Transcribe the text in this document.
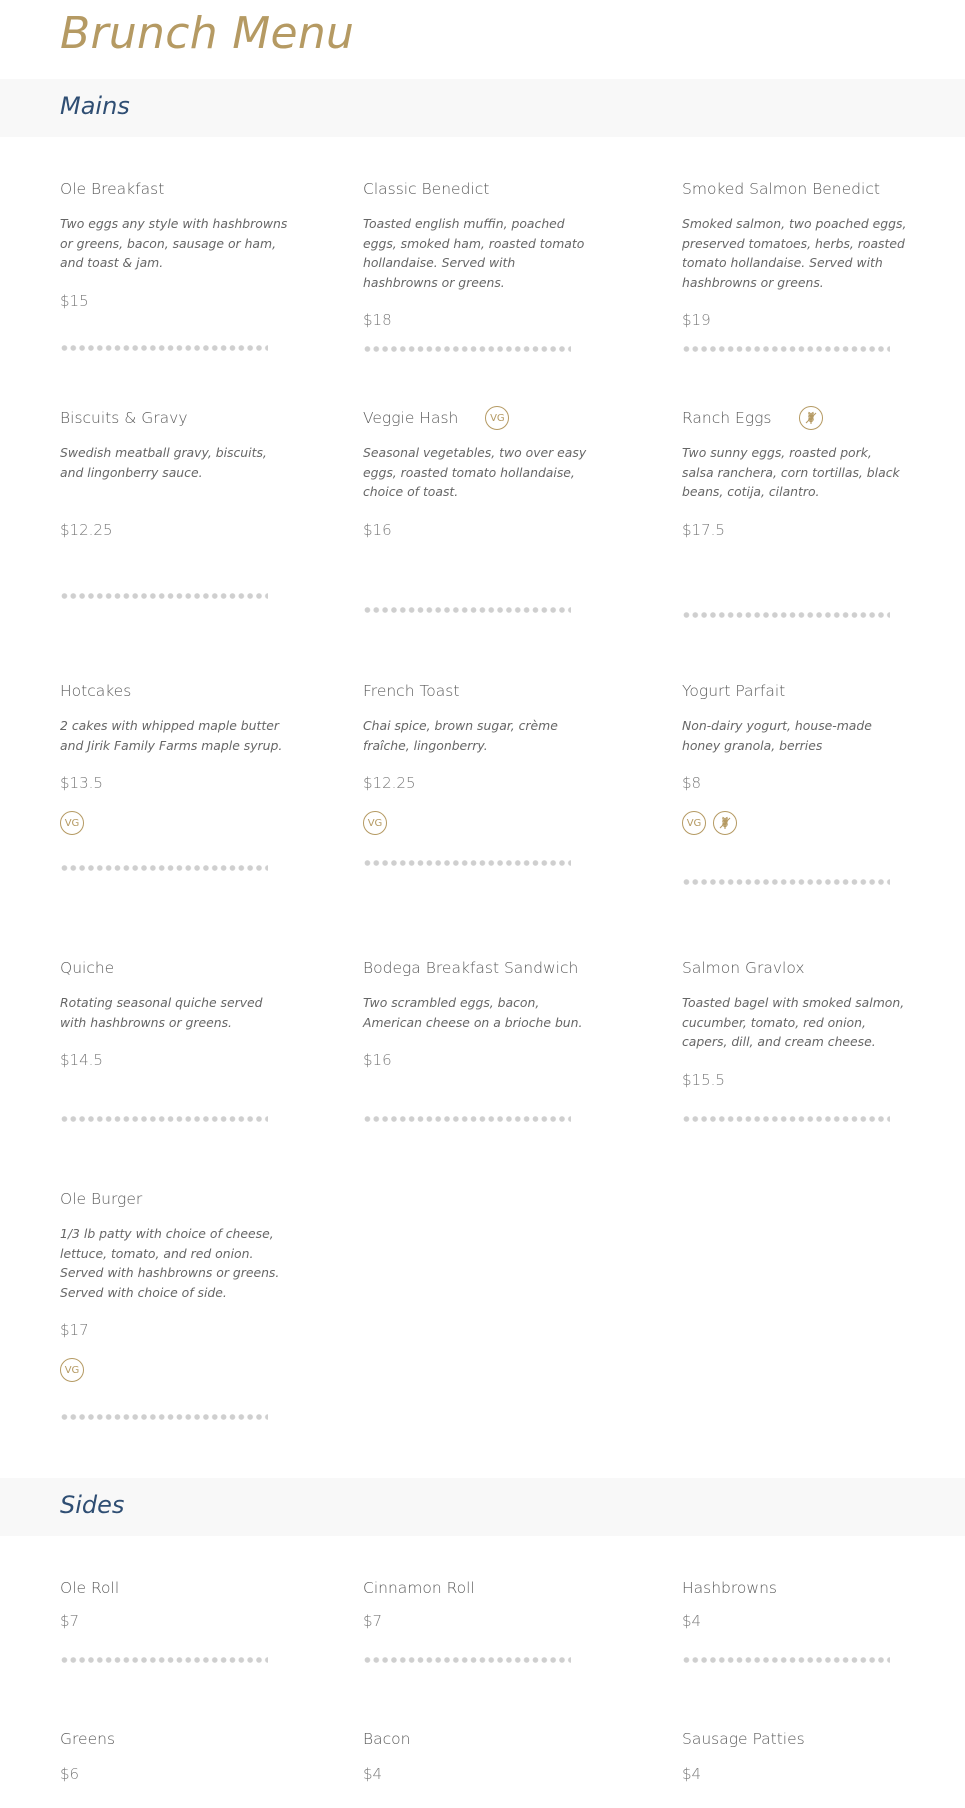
Brunch Menu
Mains
Ole Breakfast

Two eggs any style with hashbrowns or greens, bacon, sausage or ham, and toast & jam.

$15
Classic Benedict

Toasted english muffin, poached eggs, smoked ham, roasted tomato hollandaise. Served with hashbrowns or greens.

$18
Smoked Salmon Benedict

Smoked salmon, two poached eggs, preserved tomatoes, herbs, roasted tomato hollandaise. Served with hashbrowns or greens.

$19
Biscuits & Gravy

Swedish meatball gravy, biscuits, and lingonberry sauce.

$12.25
Veggie Hash	VG

Seasonal vegetables, two over easy eggs, roasted tomato hollandaise, choice of toast.

$16
Ranch Eggs

Two sunny eggs, roasted pork, salsa ranchera, corn tortillas, black beans, cotija, cilantro.

$17.5
Hotcakes

2 cakes with whipped maple butter and Jirik Family Farms maple syrup.

$13.5
VG
French Toast

Chai spice, brown sugar, crème fraîche, lingonberry.

$12.25
VG
Yogurt Parfait

Non-dairy yogurt, house-made honey granola, berries

$8
VG
Quiche

Rotating seasonal quiche served with hashbrowns or greens.

$14.5
Bodega Breakfast Sandwich

Two scrambled eggs, bacon, American cheese on a brioche bun.

$16
Salmon Gravlox

Toasted bagel with smoked salmon, cucumber, tomato, red onion, capers, dill, and cream cheese.

$15.5
Ole Burger

1/3 lb patty with choice of cheese, lettuce, tomato, and red onion. Served with hashbrowns or greens. Served with choice of side.

$17
VG
Sides
Ole Roll
$7
Cinnamon Roll
$7
Hashbrowns
$4
Greens
$6
Bacon
$4
Sausage Patties
$4
